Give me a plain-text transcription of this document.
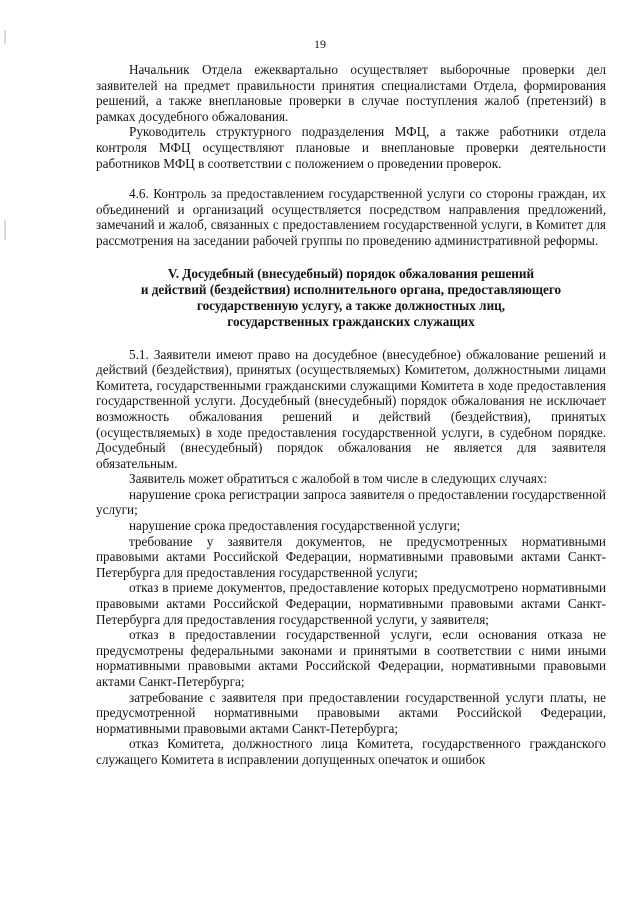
19

Начальник Отдела ежеквартально осуществляет выборочные проверки дел заявителей на предмет правильности принятия специалистами Отдела, формирования решений, а также внеплановые проверки в случае поступления жалоб (претензий) в рамках досудебного обжалования.

Руководитель структурного подразделения МФЦ, а также работники отдела контроля МФЦ осуществляют плановые и внеплановые проверки деятельности работников МФЦ в соответствии с положением о проведении проверок.

4.6. Контроль за предоставлением государственной услуги со стороны граждан, их объединений и организаций осуществляется посредством направления предложений, замечаний и жалоб, связанных с предоставлением государственной услуги, в Комитет для рассмотрения на заседании рабочей группы по проведению административной реформы.

V. Досудебный (внесудебный) порядок обжалования решений
и действий (бездействия) исполнительного органа, предоставляющего
государственную услугу, а также должностных лиц,
государственных гражданских служащих

5.1. Заявители имеют право на досудебное (внесудебное) обжалование решений и действий (бездействия), принятых (осуществляемых) Комитетом, должностными лицами Комитета, государственными гражданскими служащими Комитета в ходе предоставления государственной услуги. Досудебный (внесудебный) порядок обжалования не исключает возможность обжалования решений и действий (бездействия), принятых (осуществляемых) в ходе предоставления государственной услуги, в судебном порядке. Досудебный (внесудебный) порядок обжалования не является для заявителя обязательным.

Заявитель может обратиться с жалобой в том числе в следующих случаях:

нарушение срока регистрации запроса заявителя о предоставлении государственной услуги;

нарушение срока предоставления государственной услуги;

требование у заявителя документов, не предусмотренных нормативными правовыми актами Российской Федерации, нормативными правовыми актами Санкт-Петербурга для предоставления государственной услуги;

отказ в приеме документов, предоставление которых предусмотрено нормативными правовыми актами Российской Федерации, нормативными правовыми актами Санкт-Петербурга для предоставления государственной услуги, у заявителя;

отказ в предоставлении государственной услуги, если основания отказа не предусмотрены федеральными законами и принятыми в соответствии с ними иными нормативными правовыми актами Российской Федерации, нормативными правовыми актами Санкт-Петербурга;

затребование с заявителя при предоставлении государственной услуги платы, не предусмотренной нормативными правовыми актами Российской Федерации, нормативными правовыми актами Санкт-Петербурга;

отказ Комитета, должностного лица Комитета, государственного гражданского служащего Комитета в исправлении допущенных опечаток и ошибок
